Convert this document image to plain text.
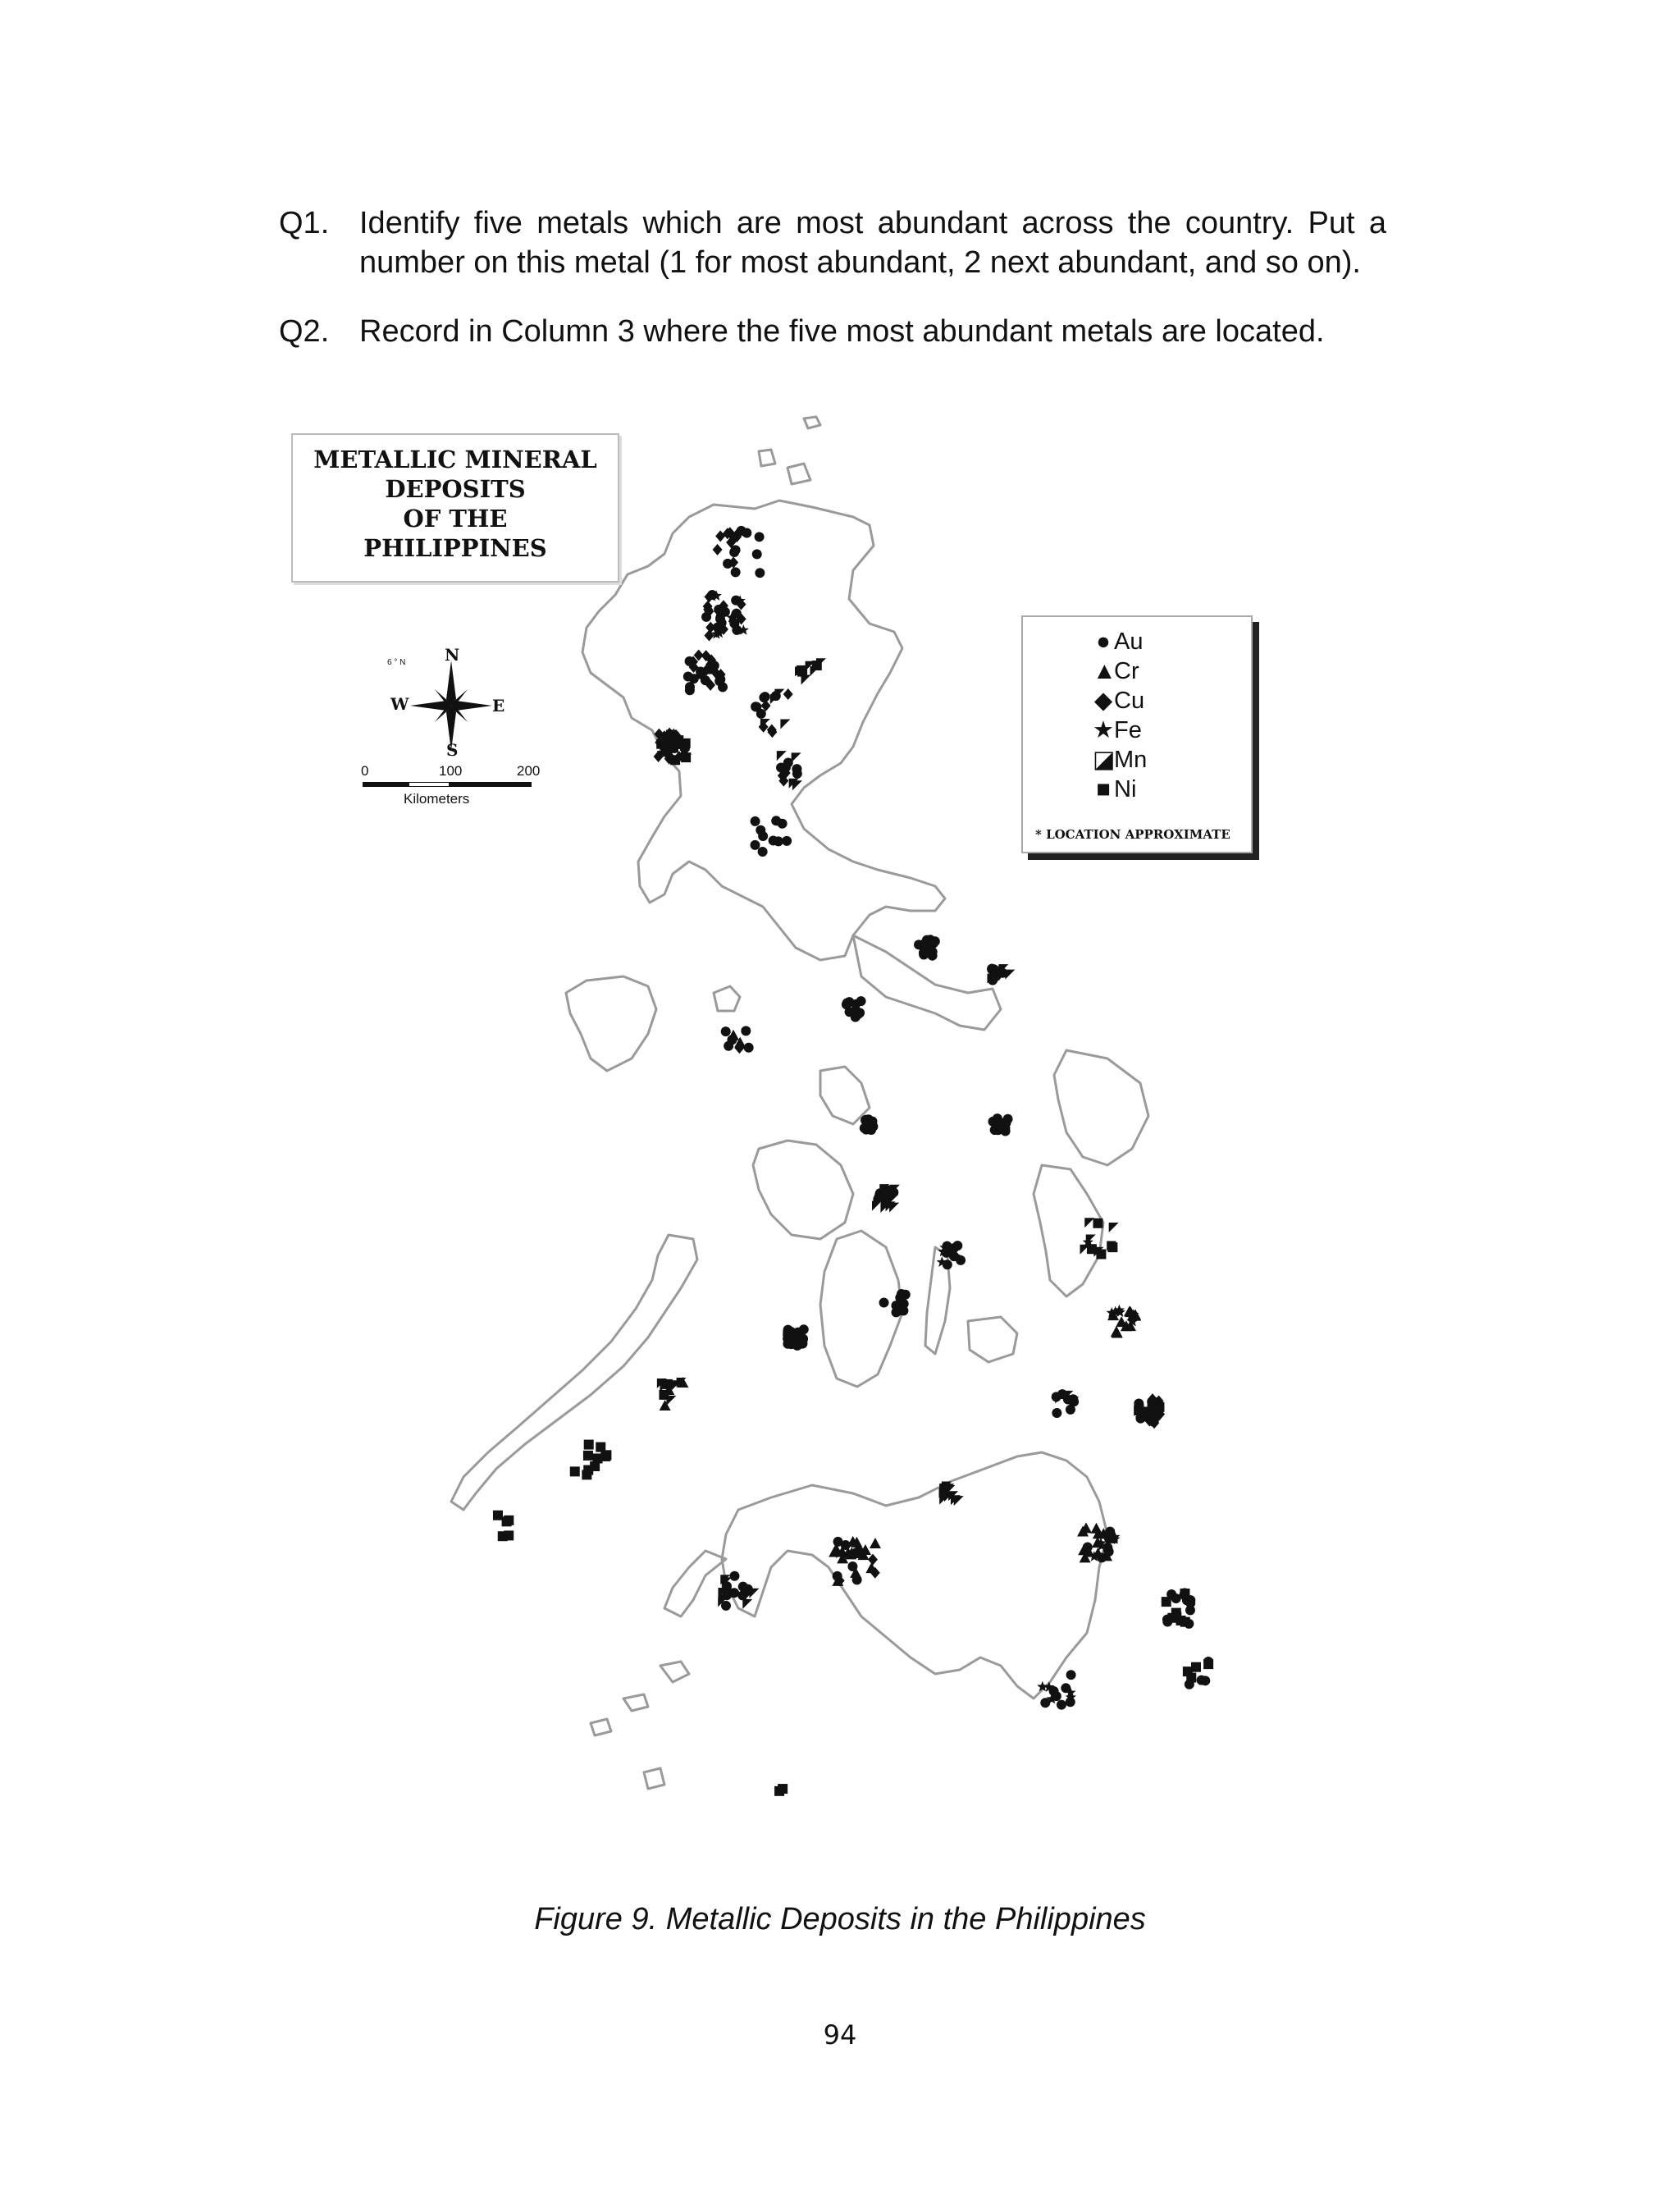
Q1. Identify five metals which are most abundant across the country. Put a number on this metal (1 for most abundant, 2 next abundant, and so on).
Q2. Record in Column 3 where the five most abundant metals are located.
METALLIC MINERAL
DEPOSITS
OF THE
PHILIPPINES
N
S
W	E
6 ° N
0	100	200
Kilometers
● Au
▲Cr
◆Cu
★Fe
◪Mn
■ Ni
* LOCATION APPROXIMATE
Figure 9. Metallic Deposits in the Philippines
94
